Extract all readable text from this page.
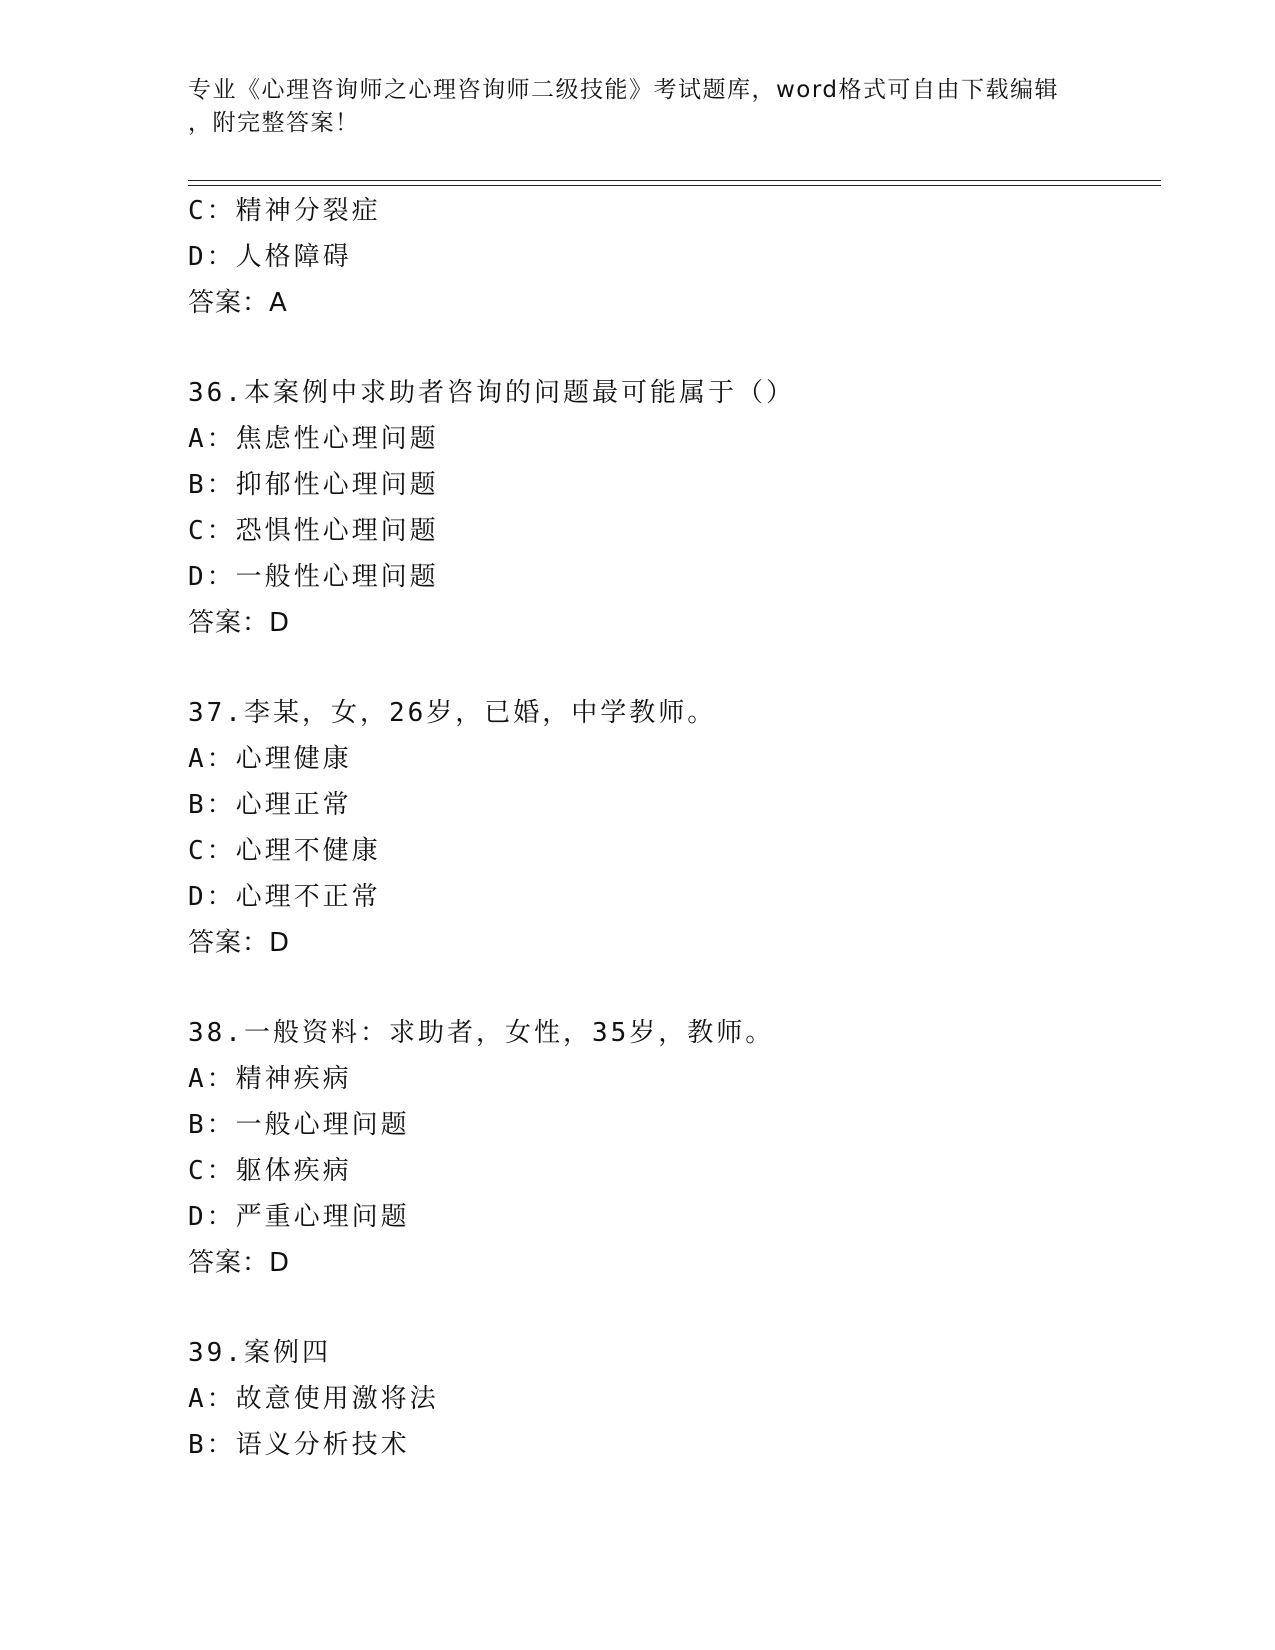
专业《心理咨询师之心理咨询师二级技能》考试题库，word格式可自由下载编辑
，附完整答案！
C：精神分裂症
D：人格障碍
答案：A
36.本案例中求助者咨询的问题最可能属于（）
A：焦虑性心理问题
B：抑郁性心理问题
C：恐惧性心理问题
D：一般性心理问题
答案：D
37.李某，女，26岁，已婚，中学教师。
A：心理健康
B：心理正常
C：心理不健康
D：心理不正常
答案：D
38.一般资料：求助者，女性，35岁，教师。
A：精神疾病
B：一般心理问题
C：躯体疾病
D：严重心理问题
答案：D
39.案例四
A：故意使用激将法
B：语义分析技术
